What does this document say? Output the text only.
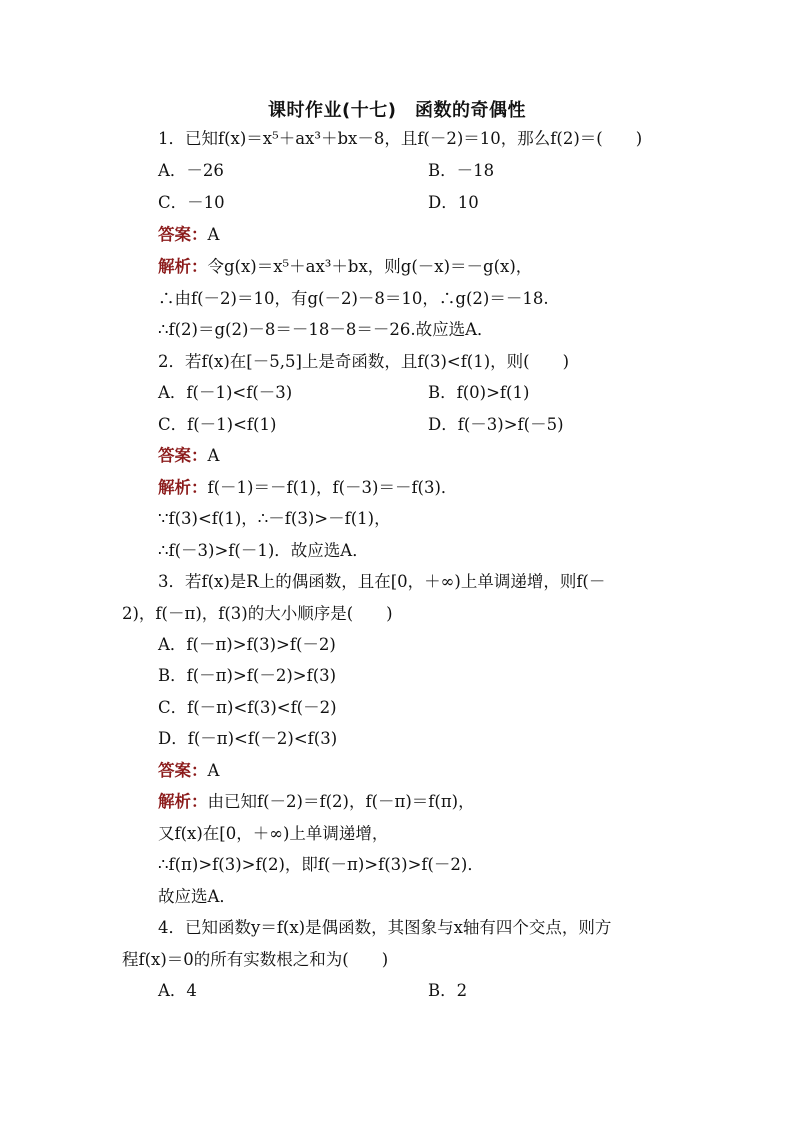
课时作业(十七)　函数的奇偶性
1．已知f(x)＝x⁵＋ax³＋bx－8，且f(－2)＝10，那么f(2)＝(　　)
A．－26	B．－18
C．－10	D．10
答案：A
解析：令g(x)＝x⁵＋ax³＋bx，则g(－x)＝－g(x)，
∴由f(－2)＝10，有g(－2)－8＝10，∴g(2)＝－18.
∴f(2)＝g(2)－8＝－18－8＝－26.故应选A．
2．若f(x)在[－5,5]上是奇函数，且f(3)<f(1)，则(　　)
A．f(－1)<f(－3)	B．f(0)>f(1)
C．f(－1)<f(1)	D．f(－3)>f(－5)
答案：A
解析：f(－1)＝－f(1)，f(－3)＝－f(3)．
∵f(3)<f(1)，∴－f(3)>－f(1)，
∴f(－3)>f(－1)．故应选A．
3．若f(x)是R上的偶函数，且在[0，＋∞)上单调递增，则f(－
2)，f(－π)，f(3)的大小顺序是(　　)
A．f(－π)>f(3)>f(－2)
B．f(－π)>f(－2)>f(3)
C．f(－π)<f(3)<f(－2)
D．f(－π)<f(－2)<f(3)
答案：A
解析：由已知f(－2)＝f(2)，f(－π)＝f(π)，
又f(x)在[0，＋∞)上单调递增，
∴f(π)>f(3)>f(2)，即f(－π)>f(3)>f(－2)．
故应选A．
4．已知函数y＝f(x)是偶函数，其图象与x轴有四个交点，则方
程f(x)＝0的所有实数根之和为(　　)
A．4	B．2
